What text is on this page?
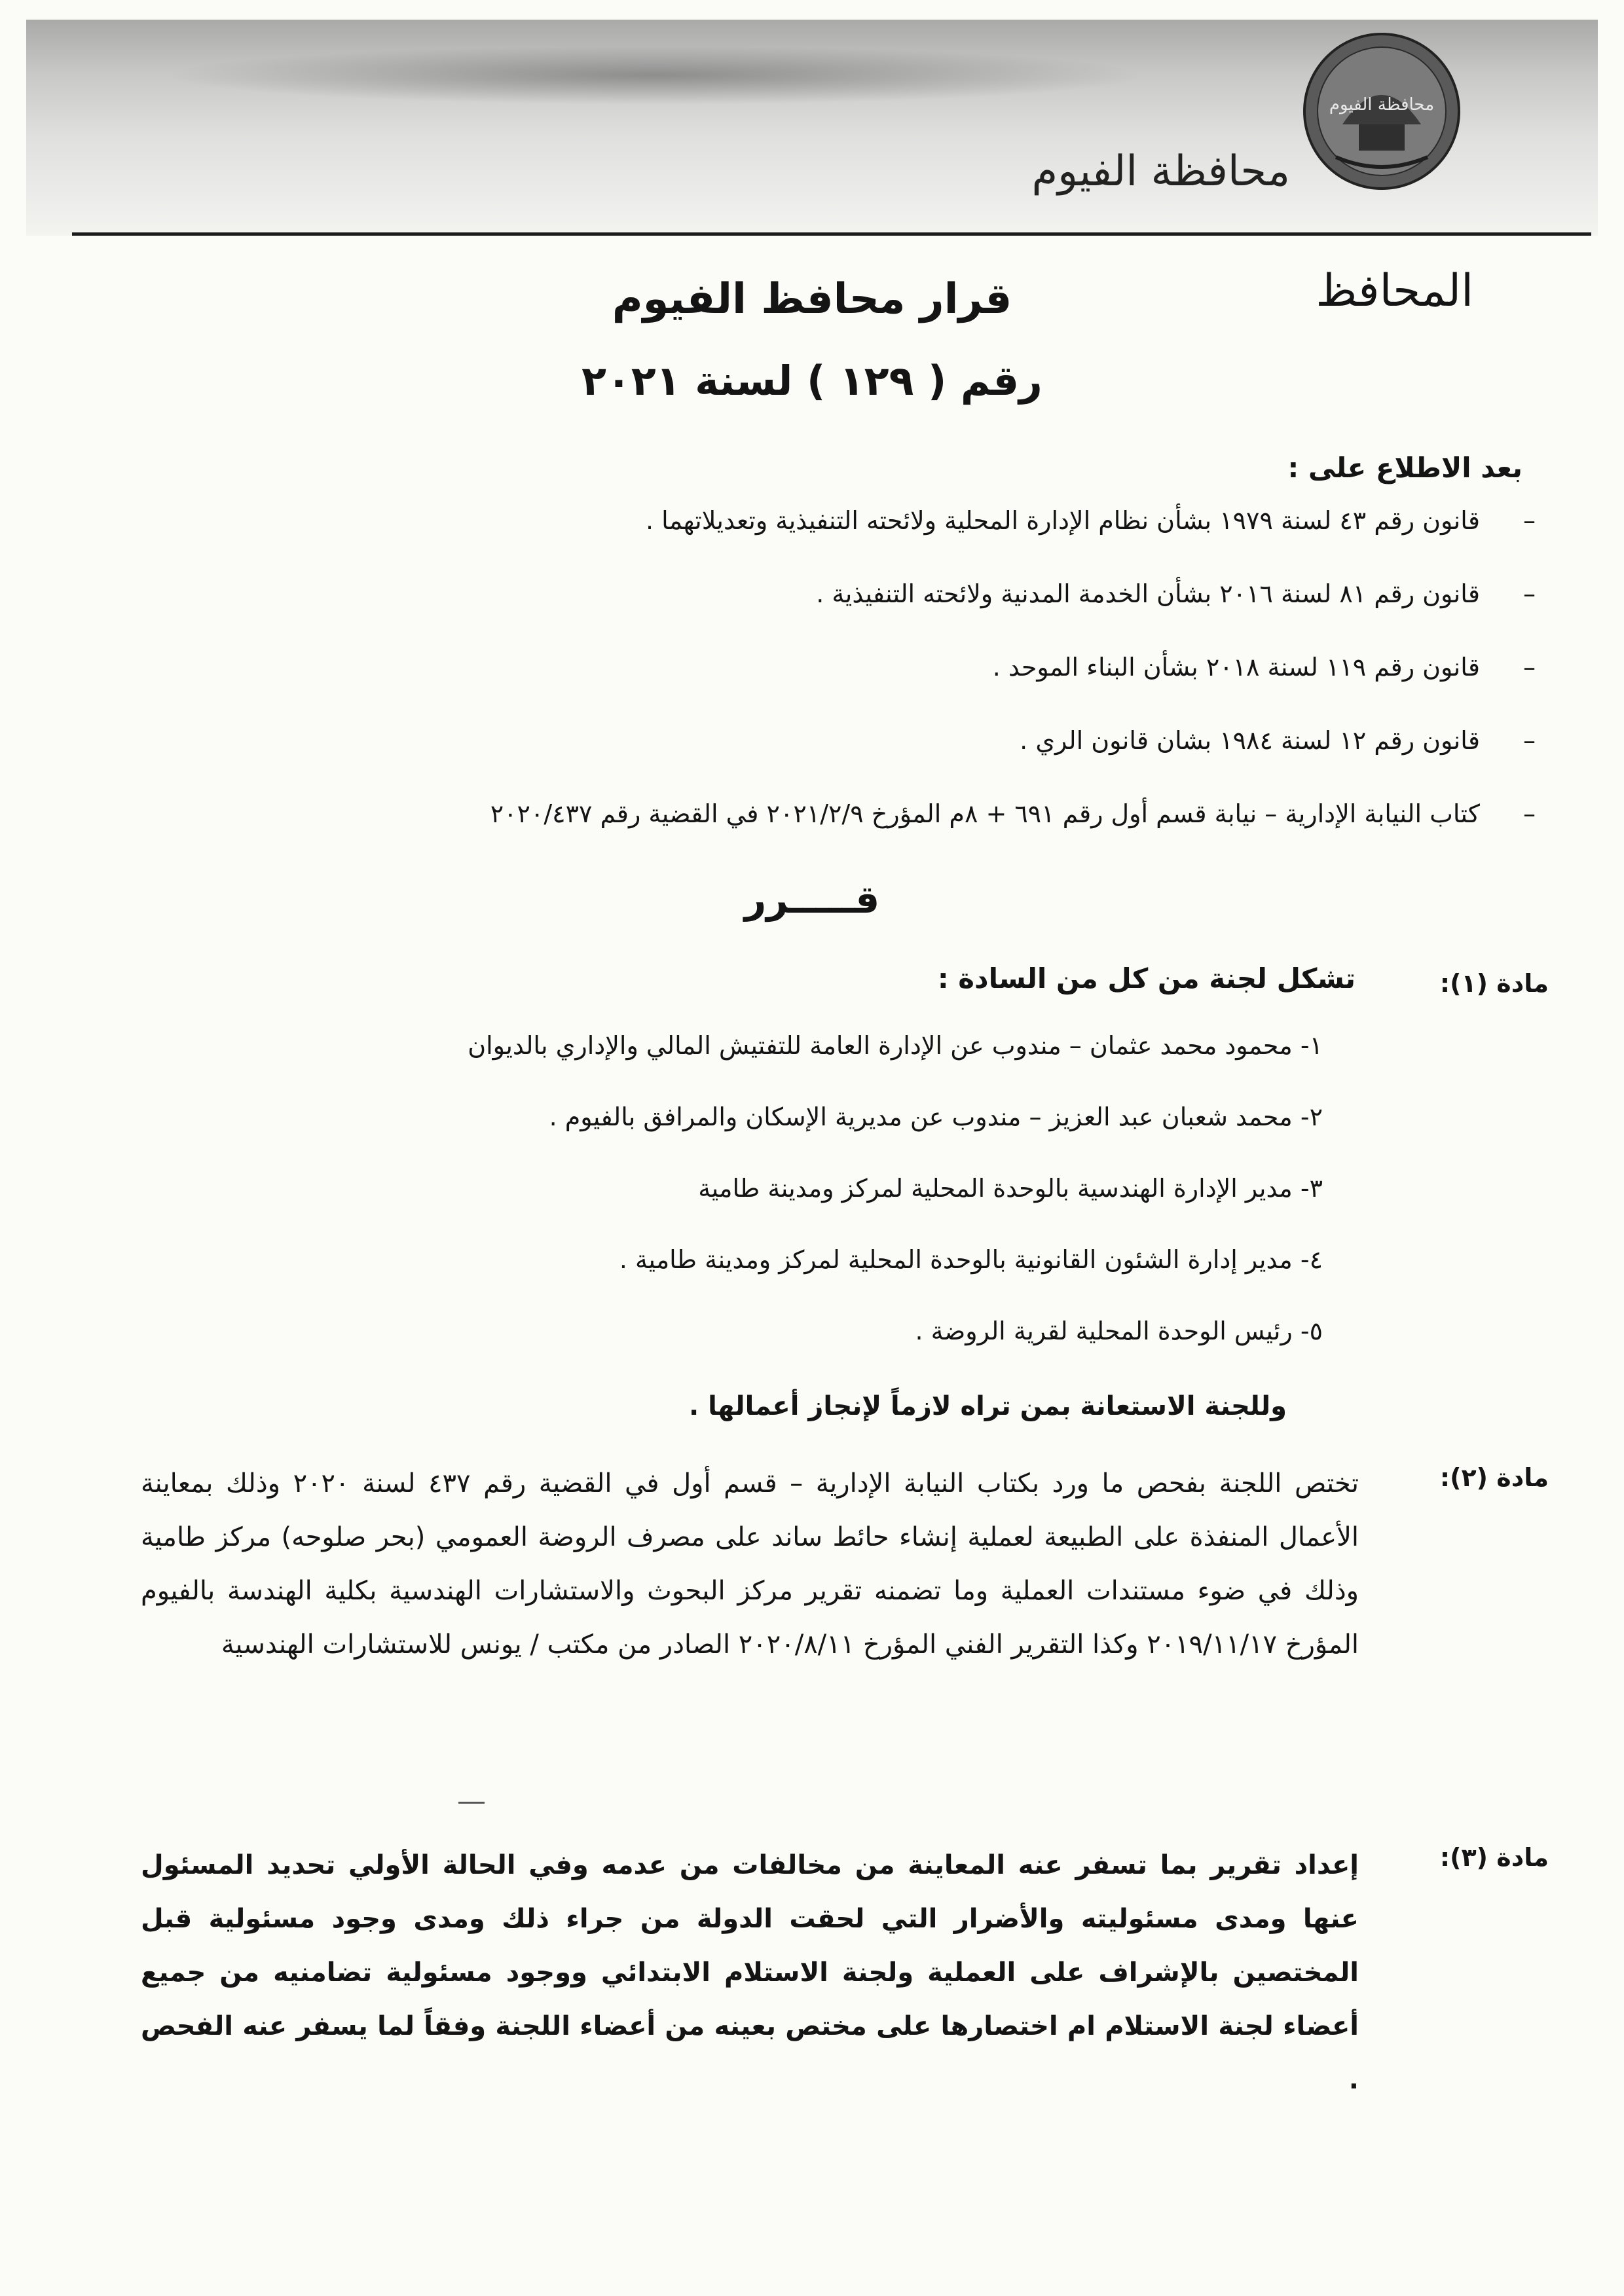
محافظة الفيوم
محافظة الفيوم
المحافظ
قرار محافظ الفيوم
رقم ( ١٢٩ ) لسنة ٢٠٢١
بعد الاطلاع على :
–
قانون رقم ٤٣ لسنة ١٩٧٩ بشأن نظام الإدارة المحلية ولائحته التنفيذية وتعديلاتهما .
–
قانون رقم ٨١ لسنة ٢٠١٦ بشأن الخدمة المدنية ولائحته التنفيذية .
–
قانون رقم ١١٩ لسنة ٢٠١٨ بشأن البناء الموحد .
–
قانون رقم ١٢ لسنة ١٩٨٤ بشان قانون الري .
–
كتاب النيابة الإدارية – نيابة قسم أول رقم ٦٩١ + ٨م المؤرخ ٢٠٢١/٢/٩ في القضية رقم ٢٠٢٠/٤٣٧
قـــــرر
مادة (١):
تشكل لجنة من كل من السادة :
١- محمود محمد عثمان – مندوب عن الإدارة العامة للتفتيش المالي والإداري بالديوان
٢- محمد شعبان عبد العزيز – مندوب عن مديرية الإسكان والمرافق بالفيوم .
٣- مدير الإدارة الهندسية بالوحدة المحلية لمركز ومدينة طامية
٤- مدير إدارة الشئون القانونية بالوحدة المحلية لمركز ومدينة طامية .
٥- رئيس الوحدة المحلية لقرية الروضة .
وللجنة الاستعانة بمن تراه لازماً لإنجاز أعمالها .
مادة (٢):
تختص اللجنة بفحص ما ورد بكتاب النيابة الإدارية – قسم أول في القضية رقم ٤٣٧ لسنة ٢٠٢٠ وذلك بمعاينة الأعمال المنفذة على الطبيعة لعملية إنشاء حائط ساند على مصرف الروضة العمومي (بحر صلوحه) مركز طامية وذلك في ضوء مستندات العملية وما تضمنه تقرير مركز البحوث والاستشارات الهندسية بكلية الهندسة بالفيوم المؤرخ ٢٠١٩/١١/١٧ وكذا التقرير الفني المؤرخ ٢٠٢٠/٨/١١ الصادر من مكتب / يونس للاستشارات الهندسية
مادة (٣):
إعداد تقرير بما تسفر عنه المعاينة من مخالفات من عدمه وفي الحالة الأولي تحديد المسئول عنها ومدى مسئوليته والأضرار التي لحقت الدولة من جراء ذلك ومدى وجود مسئولية قبل المختصين بالإشراف على العملية ولجنة الاستلام الابتدائي ووجود مسئولية تضامنيه من جميع أعضاء لجنة الاستلام ام اختصارها على مختص بعينه من أعضاء اللجنة وفقاً لما يسفر عنه الفحص .
